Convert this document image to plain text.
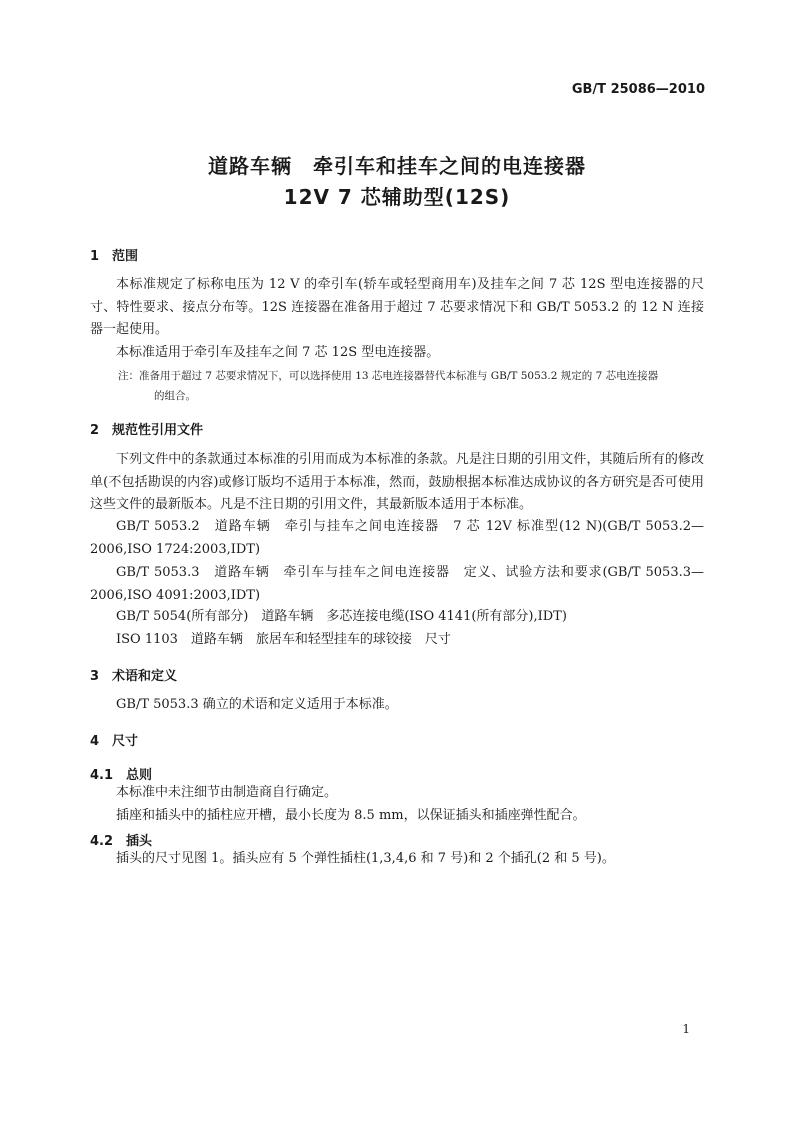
GB/T 25086—2010
道路车辆　牵引车和挂车之间的电连接器
12V 7 芯辅助型(12S)
1 范围

本标准规定了标称电压为 12 V 的牵引车(轿车或轻型商用车)及挂车之间 7 芯 12S 型电连接器的尺寸、特性要求、接点分布等。12S 连接器在准备用于超过 7 芯要求情况下和 GB/T 5053.2 的 12 N 连接器一起使用。

本标准适用于牵引车及挂车之间 7 芯 12S 型电连接器。

注：准备用于超过 7 芯要求情况下，可以选择使用 13 芯电连接器替代本标准与 GB/T 5053.2 规定的 7 芯电连接器

的组合。

2 规范性引用文件

下列文件中的条款通过本标准的引用而成为本标准的条款。凡是注日期的引用文件，其随后所有的修改单(不包括勘误的内容)或修订版均不适用于本标准，然而，鼓励根据本标准达成协议的各方研究是否可使用这些文件的最新版本。凡是不注日期的引用文件，其最新版本适用于本标准。

GB/T 5053.2　道路车辆　牵引与挂车之间电连接器　7 芯 12V 标准型(12 N)(GB/T 5053.2—2006,ISO 1724:2003,IDT)

GB/T 5053.3　道路车辆　牵引车与挂车之间电连接器　定义、试验方法和要求(GB/T 5053.3—2006,ISO 4091:2003,IDT)

GB/T 5054(所有部分)　道路车辆　多芯连接电缆(ISO 4141(所有部分),IDT)

ISO 1103　道路车辆　旅居车和轻型挂车的球铰接　尺寸

3 术语和定义

GB/T 5053.3 确立的术语和定义适用于本标准。

4 尺寸
4.1 总则

本标准中未注细节由制造商自行确定。

插座和插头中的插柱应开槽，最小长度为 8.5 mm，以保证插头和插座弹性配合。

4.2 插头

插头的尺寸见图 1。插头应有 5 个弹性插柱(1,3,4,6 和 7 号)和 2 个插孔(2 和 5 号)。

1
